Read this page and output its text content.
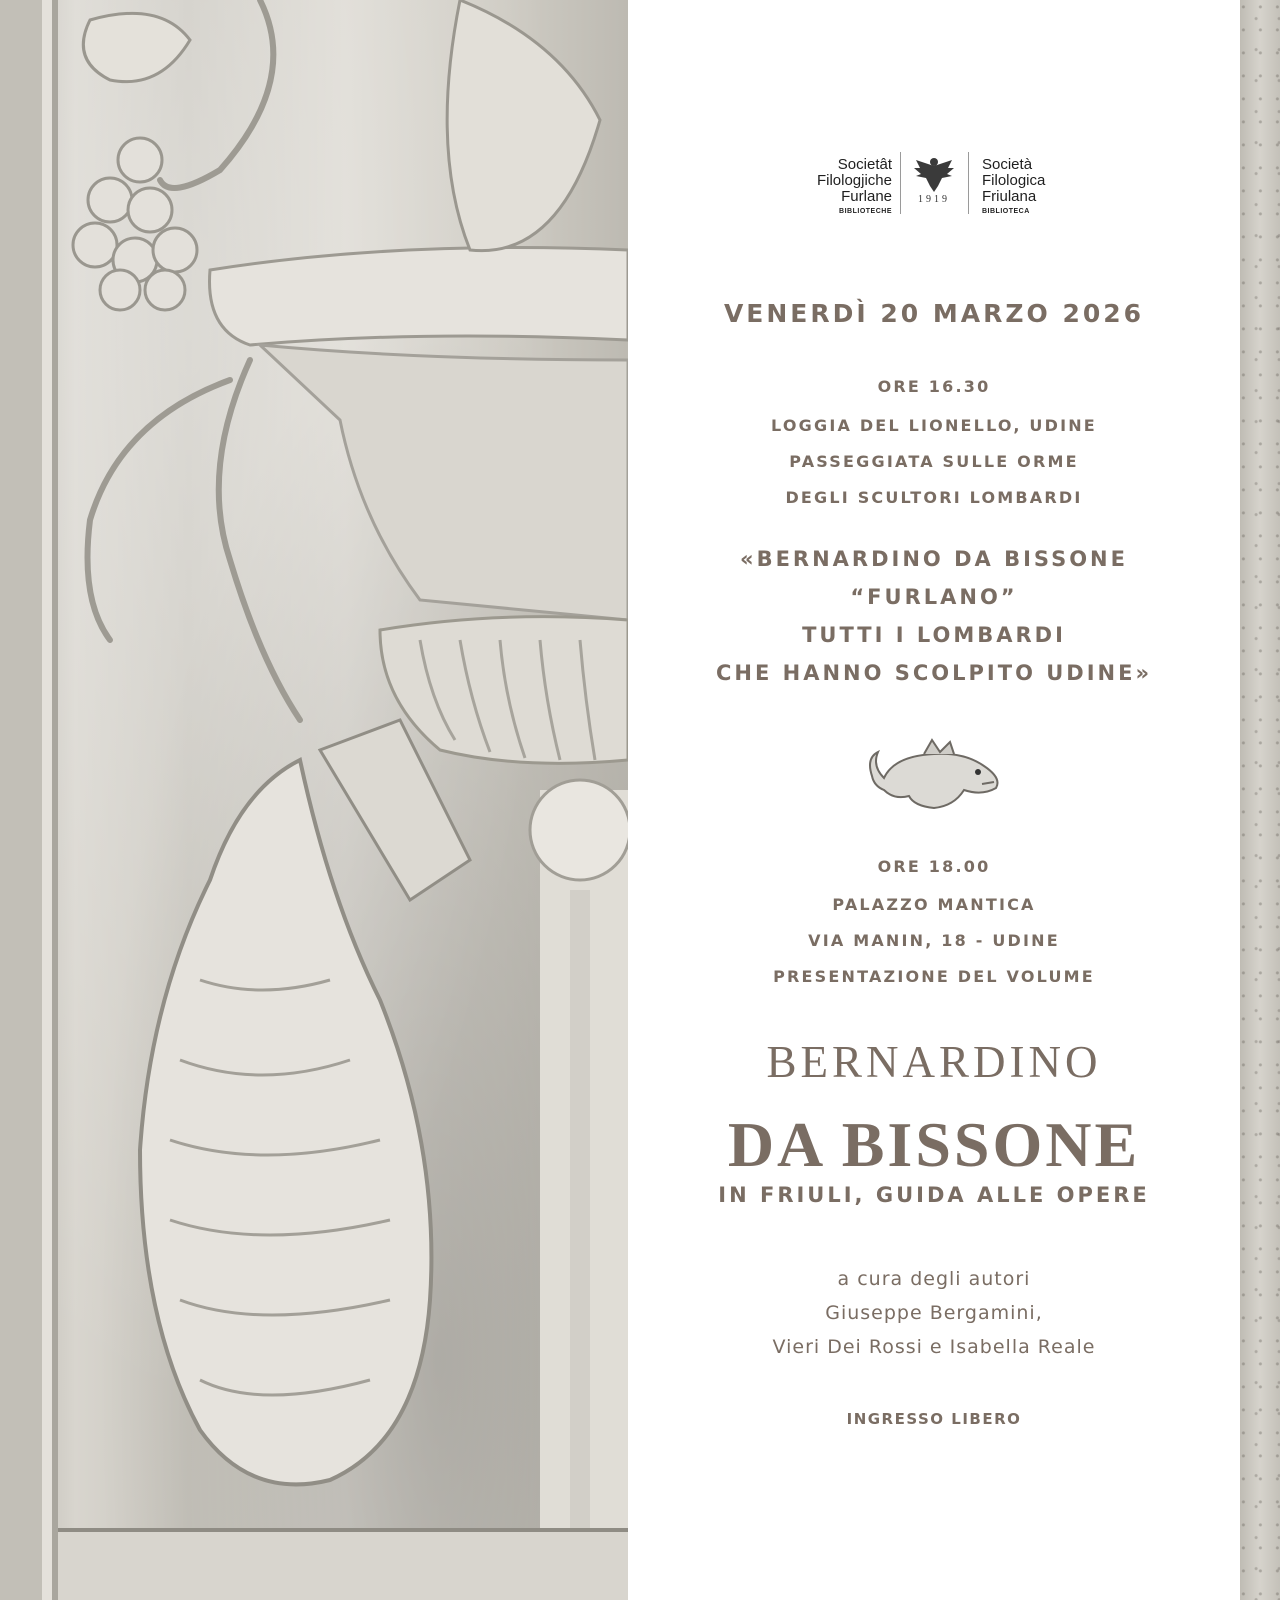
Societât
Filologjiche
Furlane
BIBLIOTECHE
1919
Società
Filologica
Friulana
BIBLIOTECA
VENERDÌ 20 MARZO 2026
ORE 16.30
LOGGIA DEL LIONELLO, UDINE
PASSEGGIATA SULLE ORME
DEGLI SCULTORI LOMBARDI
«BERNARDINO DA BISSONE
“FURLANO”
TUTTI I LOMBARDI
CHE HANNO SCOLPITO UDINE»
ORE 18.00
PALAZZO MANTICA
VIA MANIN, 18 - UDINE
PRESENTAZIONE DEL VOLUME
BERNARDINO
DA BISSONE
IN FRIULI, GUIDA ALLE OPERE
a cura degli autori
Giuseppe Bergamini,
Vieri Dei Rossi e Isabella Reale
INGRESSO LIBERO
